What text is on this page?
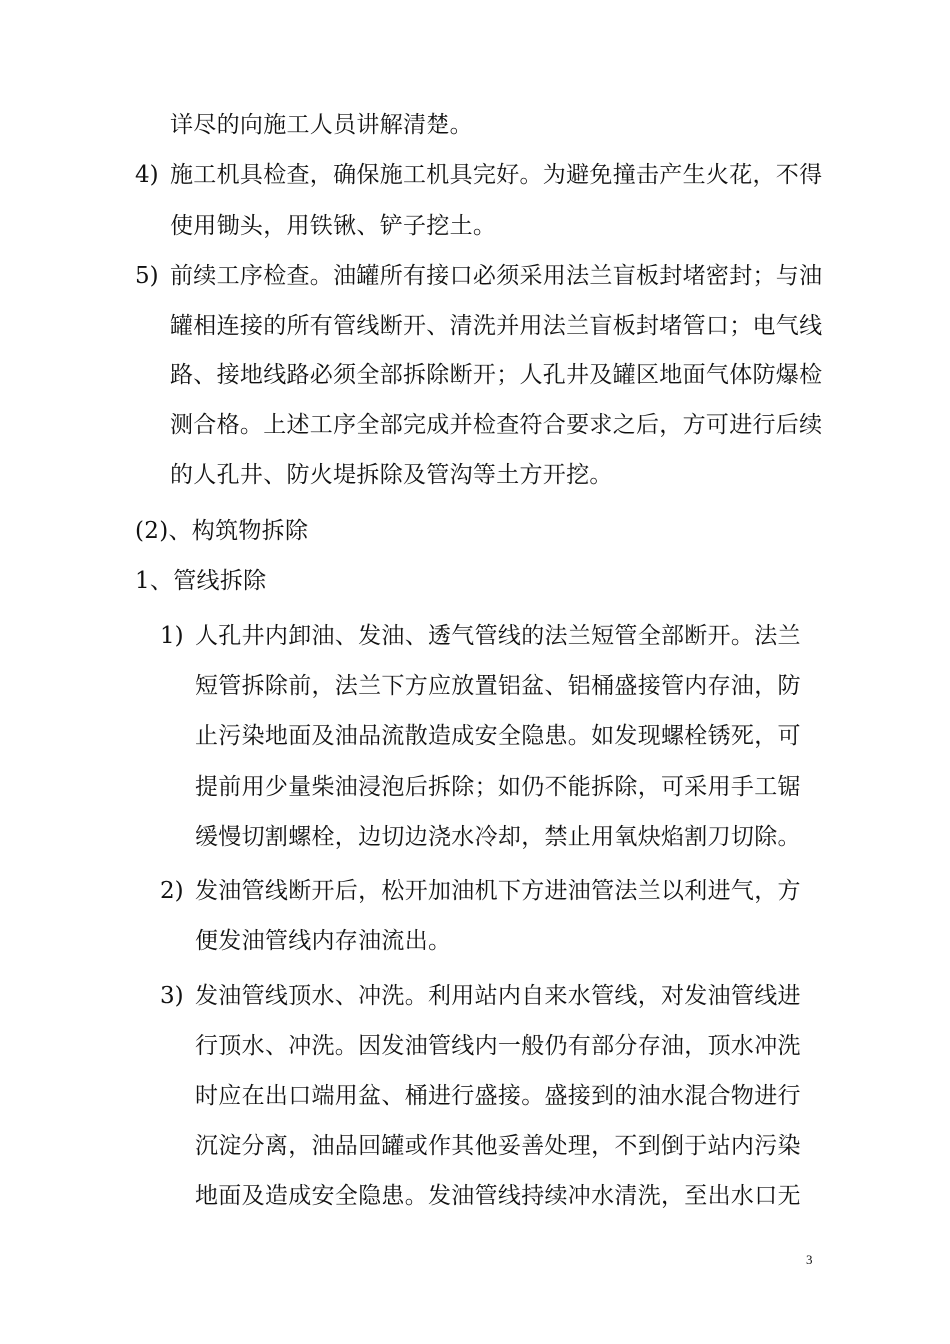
详尽的向施工人员讲解清楚。
4) 施工机具检查，确保施工机具完好。为避免撞击产生火花，不得
使用锄头，用铁锹、铲子挖土。
5) 前续工序检查。油罐所有接口必须采用法兰盲板封堵密封；与油
罐相连接的所有管线断开、清洗并用法兰盲板封堵管口；电气线
路、接地线路必须全部拆除断开；人孔井及罐区地面气体防爆检
测合格。上述工序全部完成并检查符合要求之后，方可进行后续
的人孔井、防火堤拆除及管沟等土方开挖。
(2)、构筑物拆除
1、管线拆除
1) 人孔井内卸油、发油、透气管线的法兰短管全部断开。法兰
短管拆除前，法兰下方应放置铝盆、铝桶盛接管内存油，防
止污染地面及油品流散造成安全隐患。如发现螺栓锈死，可
提前用少量柴油浸泡后拆除；如仍不能拆除，可采用手工锯
缓慢切割螺栓，边切边浇水冷却，禁止用氧炔焰割刀切除。
2) 发油管线断开后，松开加油机下方进油管法兰以利进气，方
便发油管线内存油流出。
3) 发油管线顶水、冲洗。利用站内自来水管线，对发油管线进
行顶水、冲洗。因发油管线内一般仍有部分存油，顶水冲洗
时应在出口端用盆、桶进行盛接。盛接到的油水混合物进行
沉淀分离，油品回罐或作其他妥善处理，不到倒于站内污染
地面及造成安全隐患。发油管线持续冲水清洗，至出水口无
3
